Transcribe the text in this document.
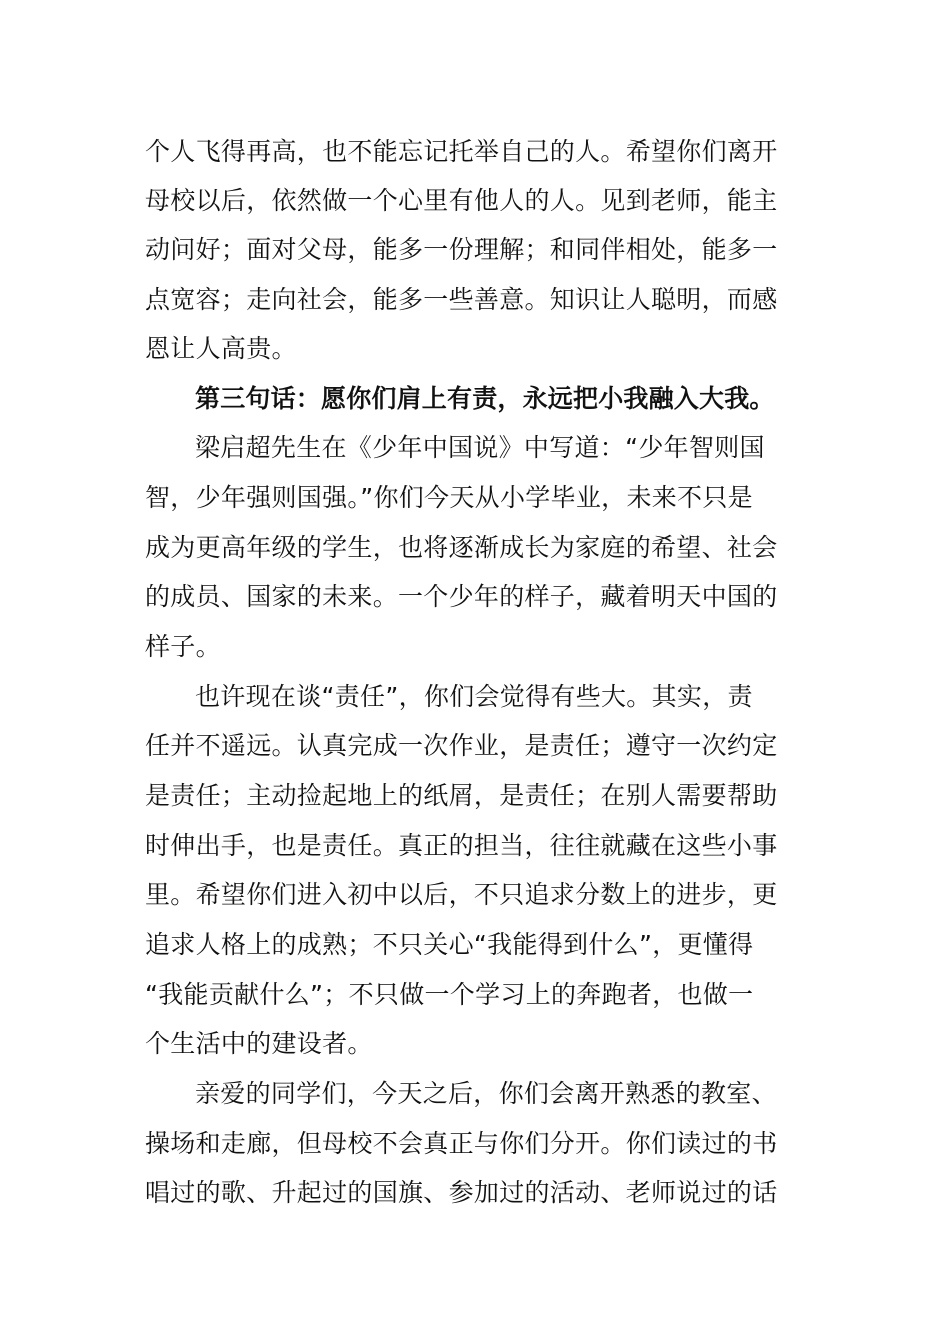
个人飞得再高，也不能忘记托举自己的人。希望你们离开
母校以后，依然做一个心里有他人的人。见到老师，能主
动问好；面对父母，能多一份理解；和同伴相处，能多一
点宽容；走向社会，能多一些善意。知识让人聪明，而感
恩让人高贵。
第三句话：愿你们肩上有责，永远把小我融入大我。
梁启超先生在《少年中国说》中写道：“少年智则国
智，少年强则国强。”你们今天从小学毕业，未来不只是
成为更高年级的学生，也将逐渐成长为家庭的希望、社会
的成员、国家的未来。一个少年的样子，藏着明天中国的
样子。
也许现在谈“责任”，你们会觉得有些大。其实，责
任并不遥远。认真完成一次作业，是责任；遵守一次约定
是责任；主动捡起地上的纸屑，是责任；在别人需要帮助
时伸出手，也是责任。真正的担当，往往就藏在这些小事
里。希望你们进入初中以后，不只追求分数上的进步，更
追求人格上的成熟；不只关心“我能得到什么”，更懂得
“我能贡献什么”；不只做一个学习上的奔跑者，也做一
个生活中的建设者。
亲爱的同学们，今天之后，你们会离开熟悉的教室、
操场和走廊，但母校不会真正与你们分开。你们读过的书
唱过的歌、升起过的国旗、参加过的活动、老师说过的话
